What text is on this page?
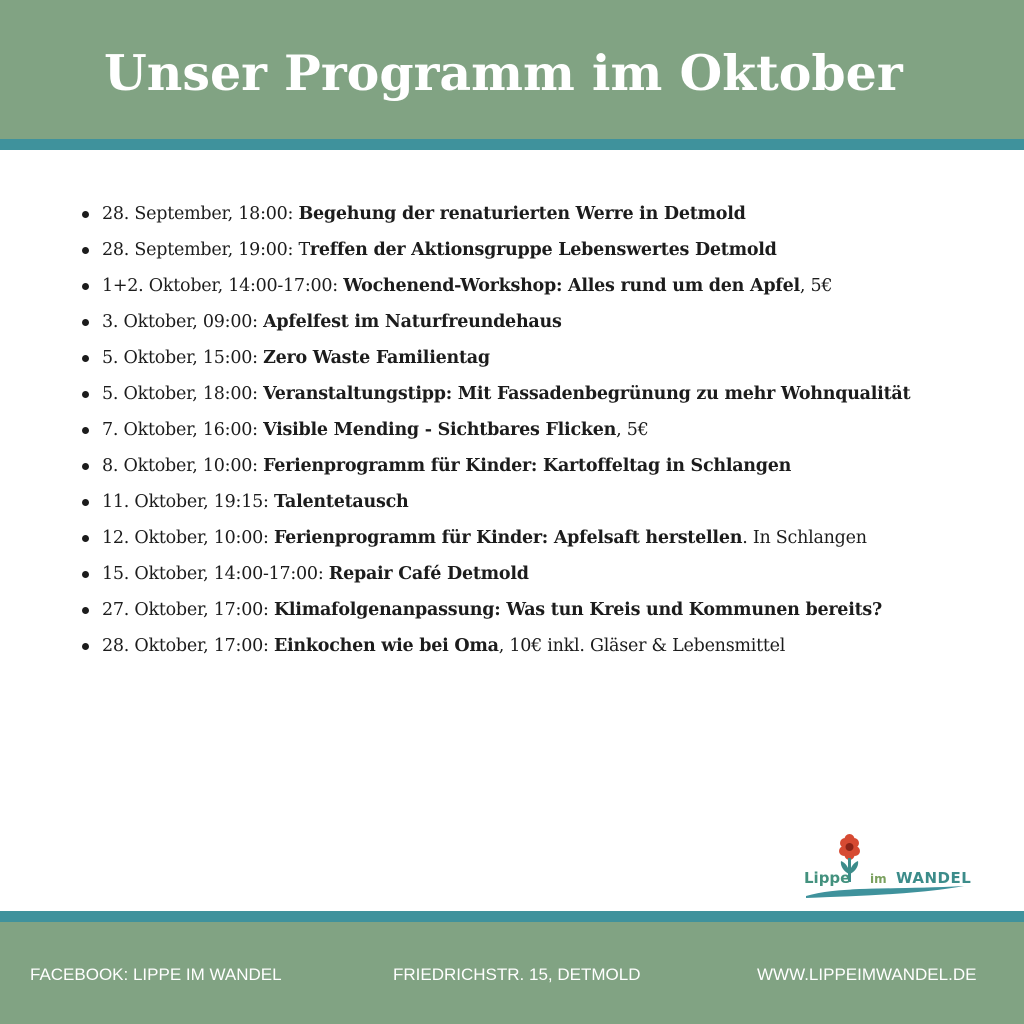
Unser Programm im Oktober
28. September, 18:00: Begehung der renaturierten Werre in Detmold
28. September, 19:00: Treffen der Aktionsgruppe Lebenswertes Detmold
1+2. Oktober, 14:00-17:00: Wochenend-Workshop: Alles rund um den Apfel, 5€
3. Oktober, 09:00: Apfelfest im Naturfreundehaus
5. Oktober, 15:00: Zero Waste Familientag
5. Oktober, 18:00: Veranstaltungstipp: Mit Fassadenbegrünung zu mehr Wohnqualität
7. Oktober, 16:00: Visible Mending - Sichtbares Flicken, 5€
8. Oktober, 10:00: Ferienprogramm für Kinder: Kartoffeltag in Schlangen
11. Oktober, 19:15: Talentetausch
12. Oktober, 10:00: Ferienprogramm für Kinder: Apfelsaft herstellen. In Schlangen
15. Oktober, 14:00-17:00: Repair Café Detmold
27. Oktober, 17:00: Klimafolgenanpassung: Was tun Kreis und Kommunen bereits?
28. Oktober, 17:00: Einkochen wie bei Oma, 10€ inkl. Gläser & Lebensmittel
Lippe im WANDEL
FACEBOOK: LIPPE IM WANDEL	FRIEDRICHSTR. 15, DETMOLD	WWW.LIPPEIMWANDEL.DE
